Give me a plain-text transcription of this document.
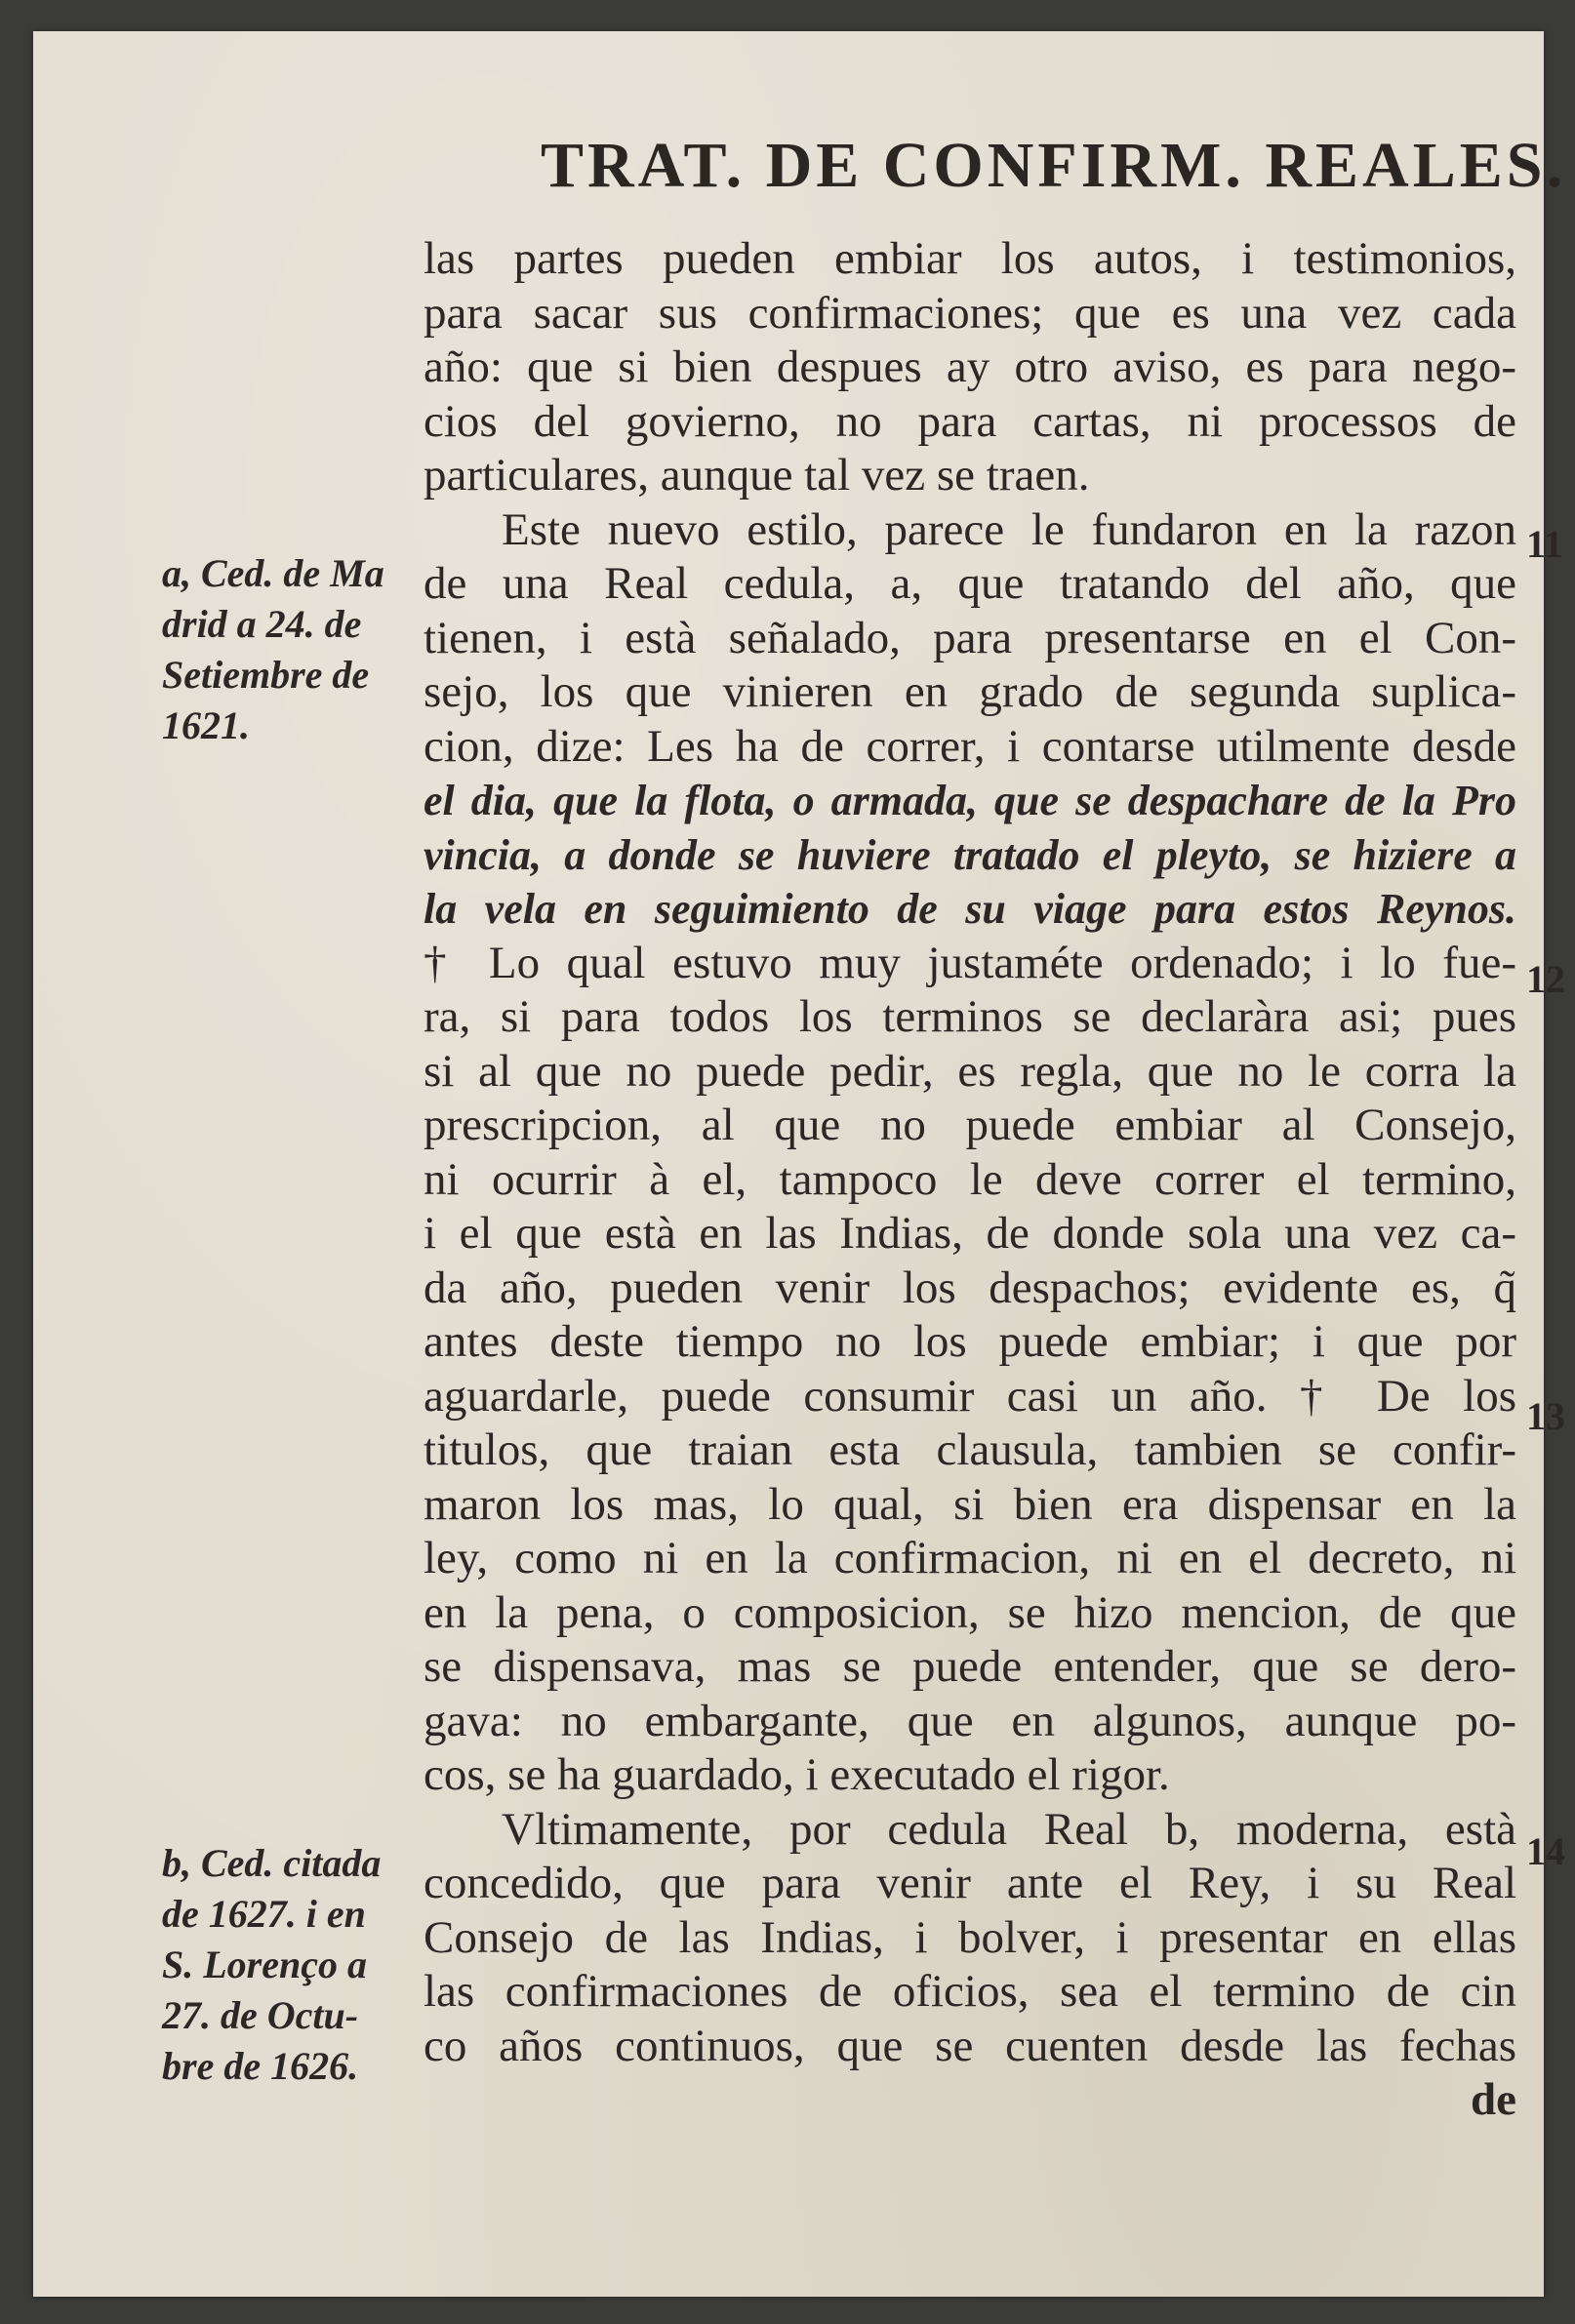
TRAT. DE CONFIRM. REALES.
las partes pueden embiar los autos, i testimonios,
para sacar sus confirmaciones; que es una vez cada
año: que si bien despues ay otro aviso, es para nego-
cios del govierno, no para cartas, ni processos de
particulares, aunque tal vez se traen.
Este nuevo estilo, parece le fundaron en la razon
de una Real cedula, a, que tratando del año, que
tienen, i està señalado, para presentarse en el Con-
sejo, los que vinieren en grado de segunda suplica-
cion, dize: Les ha de correr, i contarse utilmente desde
el dia, que la flota, o armada, que se despachare de la Pro
vincia, a donde se huviere tratado el pleyto, se hiziere a
la vela en seguimiento de su viage para estos Reynos.
† Lo qual estuvo muy justaméte ordenado; i lo fue-
ra, si para todos los terminos se declaràra asi; pues
si al que no puede pedir, es regla, que no le corra la
prescripcion, al que no puede embiar al Consejo,
ni ocurrir à el, tampoco le deve correr el termino,
i el que està en las Indias, de donde sola una vez ca-
da año, pueden venir los despachos; evidente es, q̃
antes deste tiempo no los puede embiar; i que por
aguardarle, puede consumir casi un año. † De los
titulos, que traian esta clausula, tambien se confir-
maron los mas, lo qual, si bien era dispensar en la
ley, como ni en la confirmacion, ni en el decreto, ni
en la pena, o composicion, se hizo mencion, de que
se dispensava, mas se puede entender, que se dero-
gava: no embargante, que en algunos, aunque po-
cos, se ha guardado, i executado el rigor.
Vltimamente, por cedula Real b, moderna, està
concedido, que para venir ante el Rey, i su Real
Consejo de las Indias, i bolver, i presentar en ellas
las confirmaciones de oficios, sea el termino de cin
co años continuos, que se cuenten desde las fechas
de
a, Ced. de Ma
drid a 24. de
Setiembre de
1621.
b, Ced. citada
de 1627. i en
S. Lorenço a
27. de Octu-
bre de 1626.
11
12
13
14
